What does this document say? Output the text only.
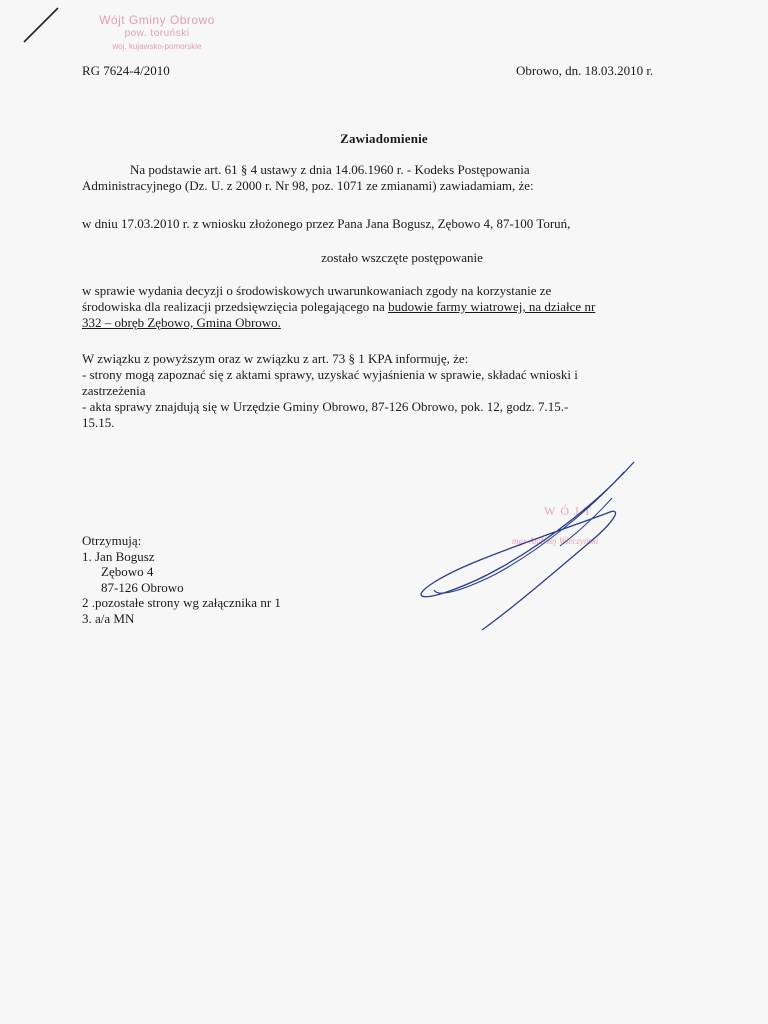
Wójt Gminy Obrowo
pow. toruński
woj. kujawsko-pomorskie
RG 7624-4/2010	Obrowo, dn. 18.03.2010 r.
Zawiadomienie
Na podstawie art. 61 § 4 ustawy z dnia 14.06.1960 r. - Kodeks Postępowania
Administracyjnego (Dz. U. z 2000 r. Nr 98, poz. 1071 ze zmianami) zawiadamiam, że:
w dniu 17.03.2010 r. z wniosku złożonego przez Pana Jana Bogusz, Zębowo 4, 87-100 Toruń,
zostało wszczęte postępowanie
w sprawie wydania decyzji o środowiskowych uwarunkowaniach zgody na korzystanie ze
środowiska dla realizacji przedsięwzięcia polegającego na budowie farmy wiatrowej, na działce nr
332 – obręb Zębowo, Gmina Obrowo.
W związku z powyższym oraz w związku z art. 73 § 1 KPA informuję, że:
- strony mogą zapoznać się z aktami sprawy, uzyskać wyjaśnienia w sprawie, składać wnioski i
zastrzeżenia
- akta sprawy znajdują się w Urzędzie Gminy Obrowo, 87-126 Obrowo, pok. 12, godz. 7.15.-
15.15.
WÓJT
mgr Andrzej Wieczyński
Otrzymują:
1. Jan Bogusz
Zębowo 4
87-126 Obrowo
2 .pozostałe strony wg załącznika nr 1
3. a/a MN
